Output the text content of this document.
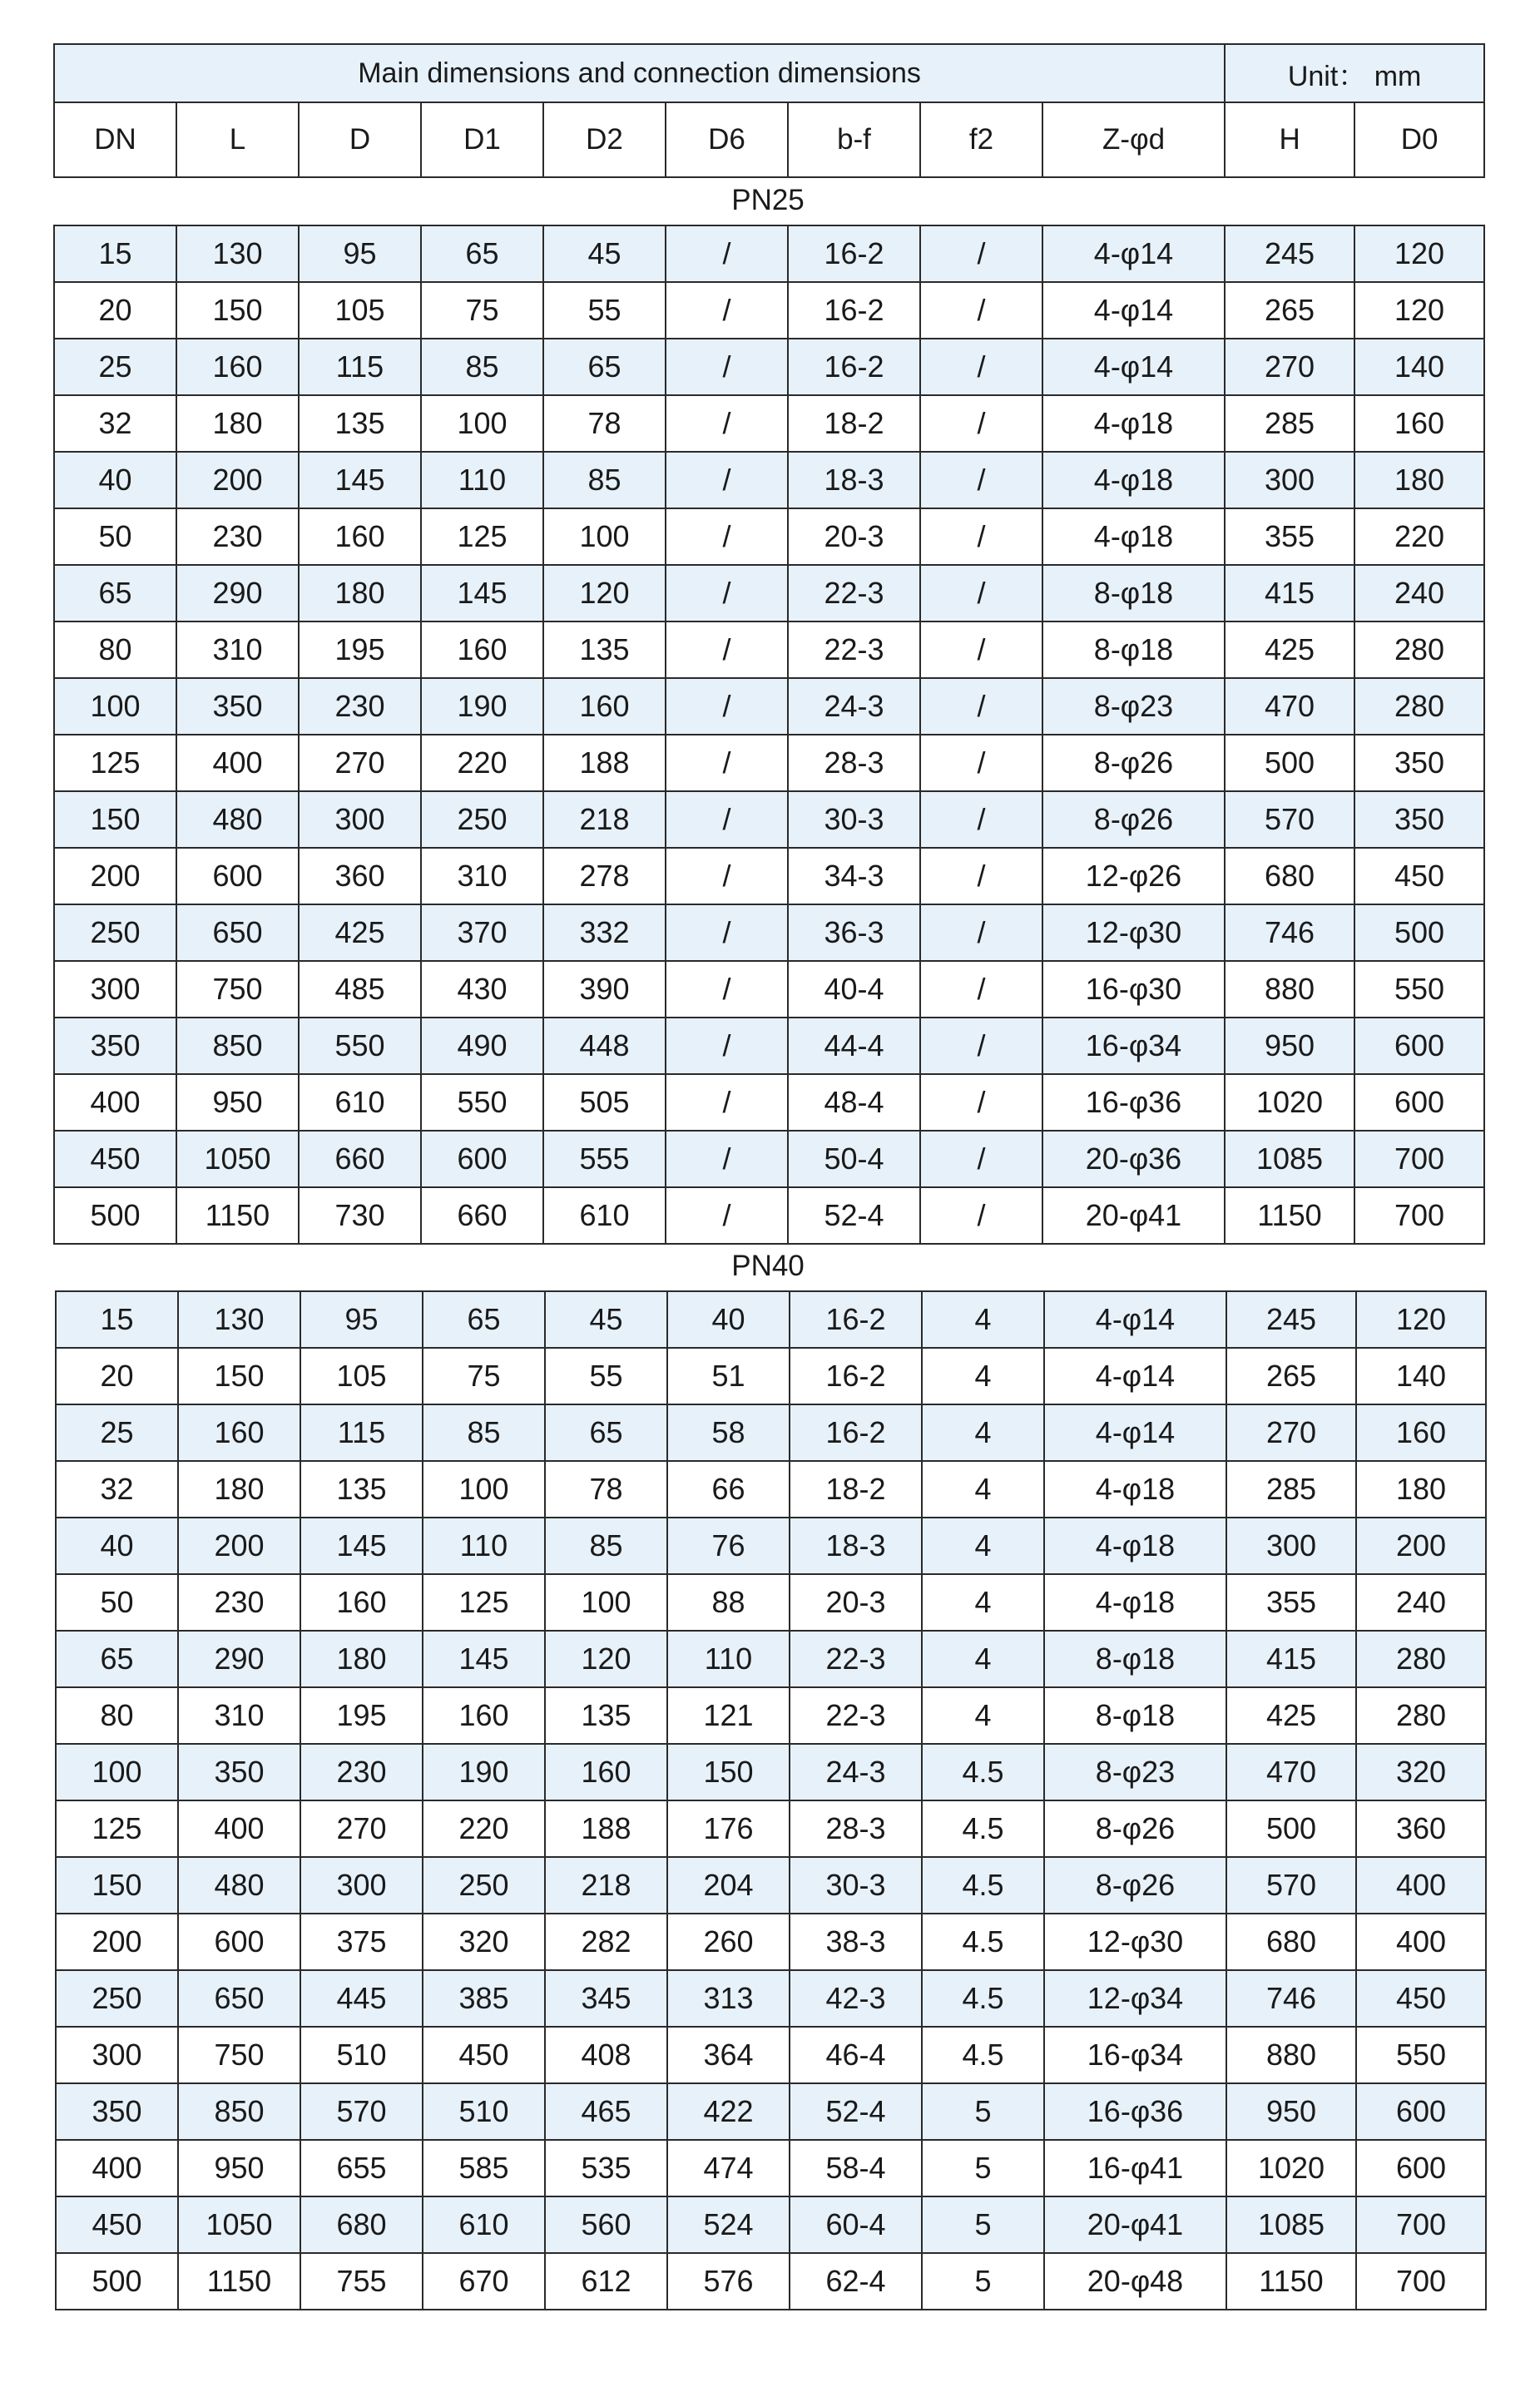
Main dimensions and connection dimensions									Unit： mm	
DN	L	D	D1	D2	D6	b-f	f2	Z-φd	H	D0
PN25
15	130	95	65	45	/	16-2	/	4-φ14	245	120
20	150	105	75	55	/	16-2	/	4-φ14	265	120
25	160	115	85	65	/	16-2	/	4-φ14	270	140
32	180	135	100	78	/	18-2	/	4-φ18	285	160
40	200	145	110	85	/	18-3	/	4-φ18	300	180
50	230	160	125	100	/	20-3	/	4-φ18	355	220
65	290	180	145	120	/	22-3	/	8-φ18	415	240
80	310	195	160	135	/	22-3	/	8-φ18	425	280
100	350	230	190	160	/	24-3	/	8-φ23	470	280
125	400	270	220	188	/	28-3	/	8-φ26	500	350
150	480	300	250	218	/	30-3	/	8-φ26	570	350
200	600	360	310	278	/	34-3	/	12-φ26	680	450
250	650	425	370	332	/	36-3	/	12-φ30	746	500
300	750	485	430	390	/	40-4	/	16-φ30	880	550
350	850	550	490	448	/	44-4	/	16-φ34	950	600
400	950	610	550	505	/	48-4	/	16-φ36	1020	600
450	1050	660	600	555	/	50-4	/	20-φ36	1085	700
500	1150	730	660	610	/	52-4	/	20-φ41	1150	700
PN40
15	130	95	65	45	40	16-2	4	4-φ14	245	120
20	150	105	75	55	51	16-2	4	4-φ14	265	140
25	160	115	85	65	58	16-2	4	4-φ14	270	160
32	180	135	100	78	66	18-2	4	4-φ18	285	180
40	200	145	110	85	76	18-3	4	4-φ18	300	200
50	230	160	125	100	88	20-3	4	4-φ18	355	240
65	290	180	145	120	110	22-3	4	8-φ18	415	280
80	310	195	160	135	121	22-3	4	8-φ18	425	280
100	350	230	190	160	150	24-3	4.5	8-φ23	470	320
125	400	270	220	188	176	28-3	4.5	8-φ26	500	360
150	480	300	250	218	204	30-3	4.5	8-φ26	570	400
200	600	375	320	282	260	38-3	4.5	12-φ30	680	400
250	650	445	385	345	313	42-3	4.5	12-φ34	746	450
300	750	510	450	408	364	46-4	4.5	16-φ34	880	550
350	850	570	510	465	422	52-4	5	16-φ36	950	600
400	950	655	585	535	474	58-4	5	16-φ41	1020	600
450	1050	680	610	560	524	60-4	5	20-φ41	1085	700
500	1150	755	670	612	576	62-4	5	20-φ48	1150	700
